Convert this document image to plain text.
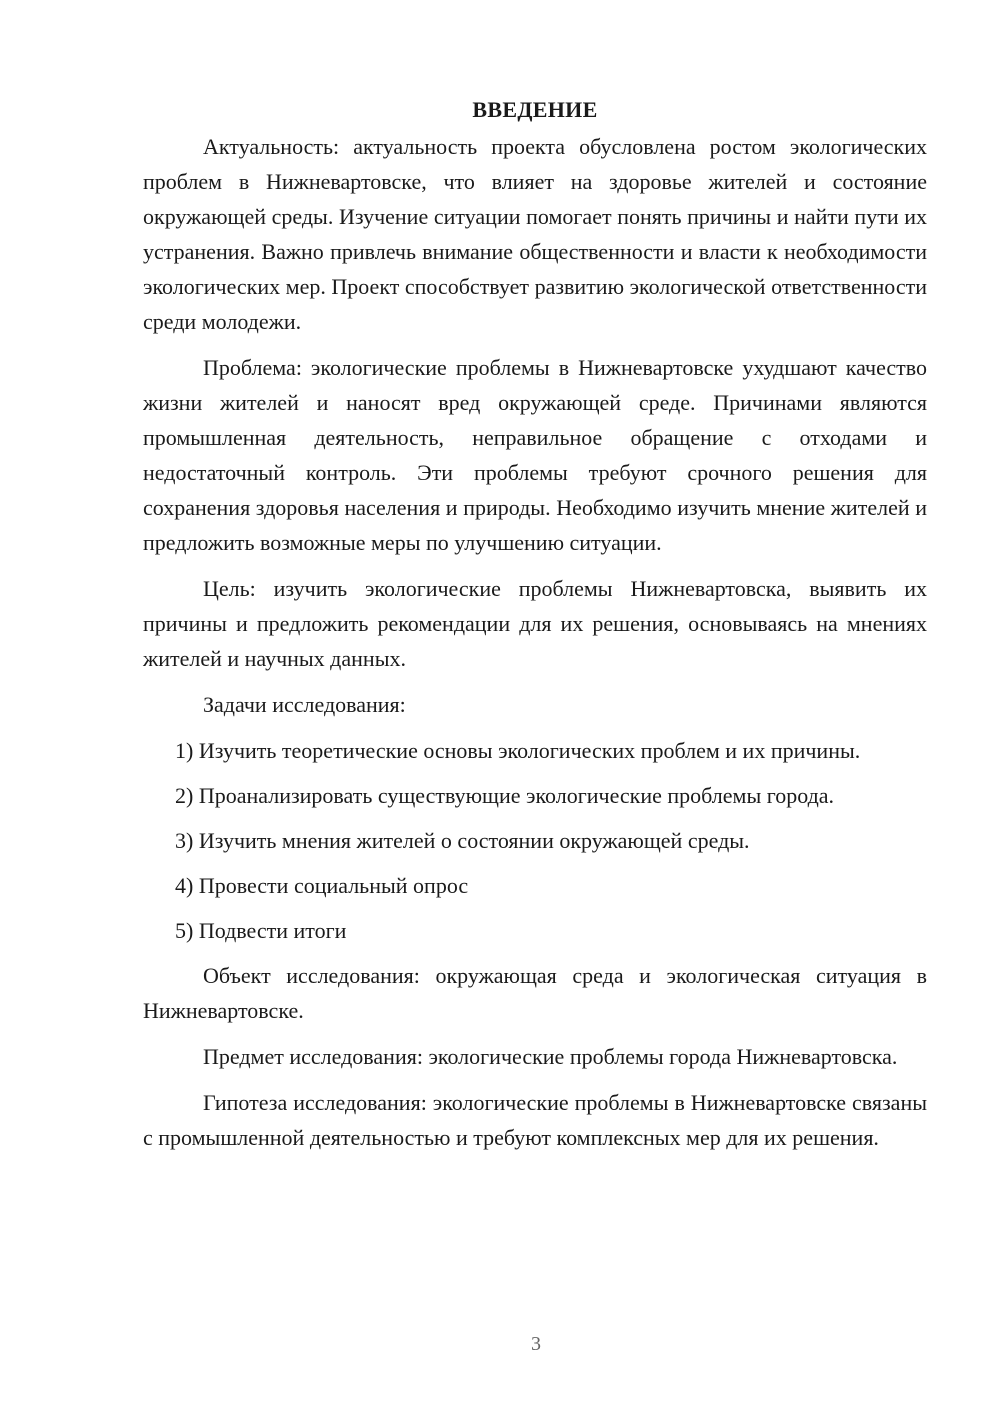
ВВЕДЕНИЕ

Актуальность: актуальность проекта обусловлена ростом экологических проблем в Нижневартовске, что влияет на здоровье жителей и состояние окружающей среды. Изучение ситуации помогает понять причины и найти пути их устранения. Важно привлечь внимание общественности и власти к необходимости экологических мер. Проект способствует развитию экологической ответственности среди молодежи.

Проблема: экологические проблемы в Нижневартовске ухудшают качество жизни жителей и наносят вред окружающей среде. Причинами являются промышленная деятельность, неправильное обращение с отходами и недостаточный контроль. Эти проблемы требуют срочного решения для сохранения здоровья населения и природы. Необходимо изучить мнение жителей и предложить возможные меры по улучшению ситуации.

Цель: изучить экологические проблемы Нижневартовска, выявить их причины и предложить рекомендации для их решения, основываясь на мнениях жителей и научных данных.

Задачи исследования:

1) Изучить теоретические основы экологических проблем и их причины.

2) Проанализировать существующие экологические проблемы города.

3) Изучить мнения жителей о состоянии окружающей среды.

4) Провести социальный опрос

5) Подвести итоги

Объект исследования: окружающая среда и экологическая ситуация в Нижневартовске.

Предмет исследования: экологические проблемы города Нижневартовска.

Гипотеза исследования: экологические проблемы в Нижневартовске связаны с промышленной деятельностью и требуют комплексных мер для их решения.

3
